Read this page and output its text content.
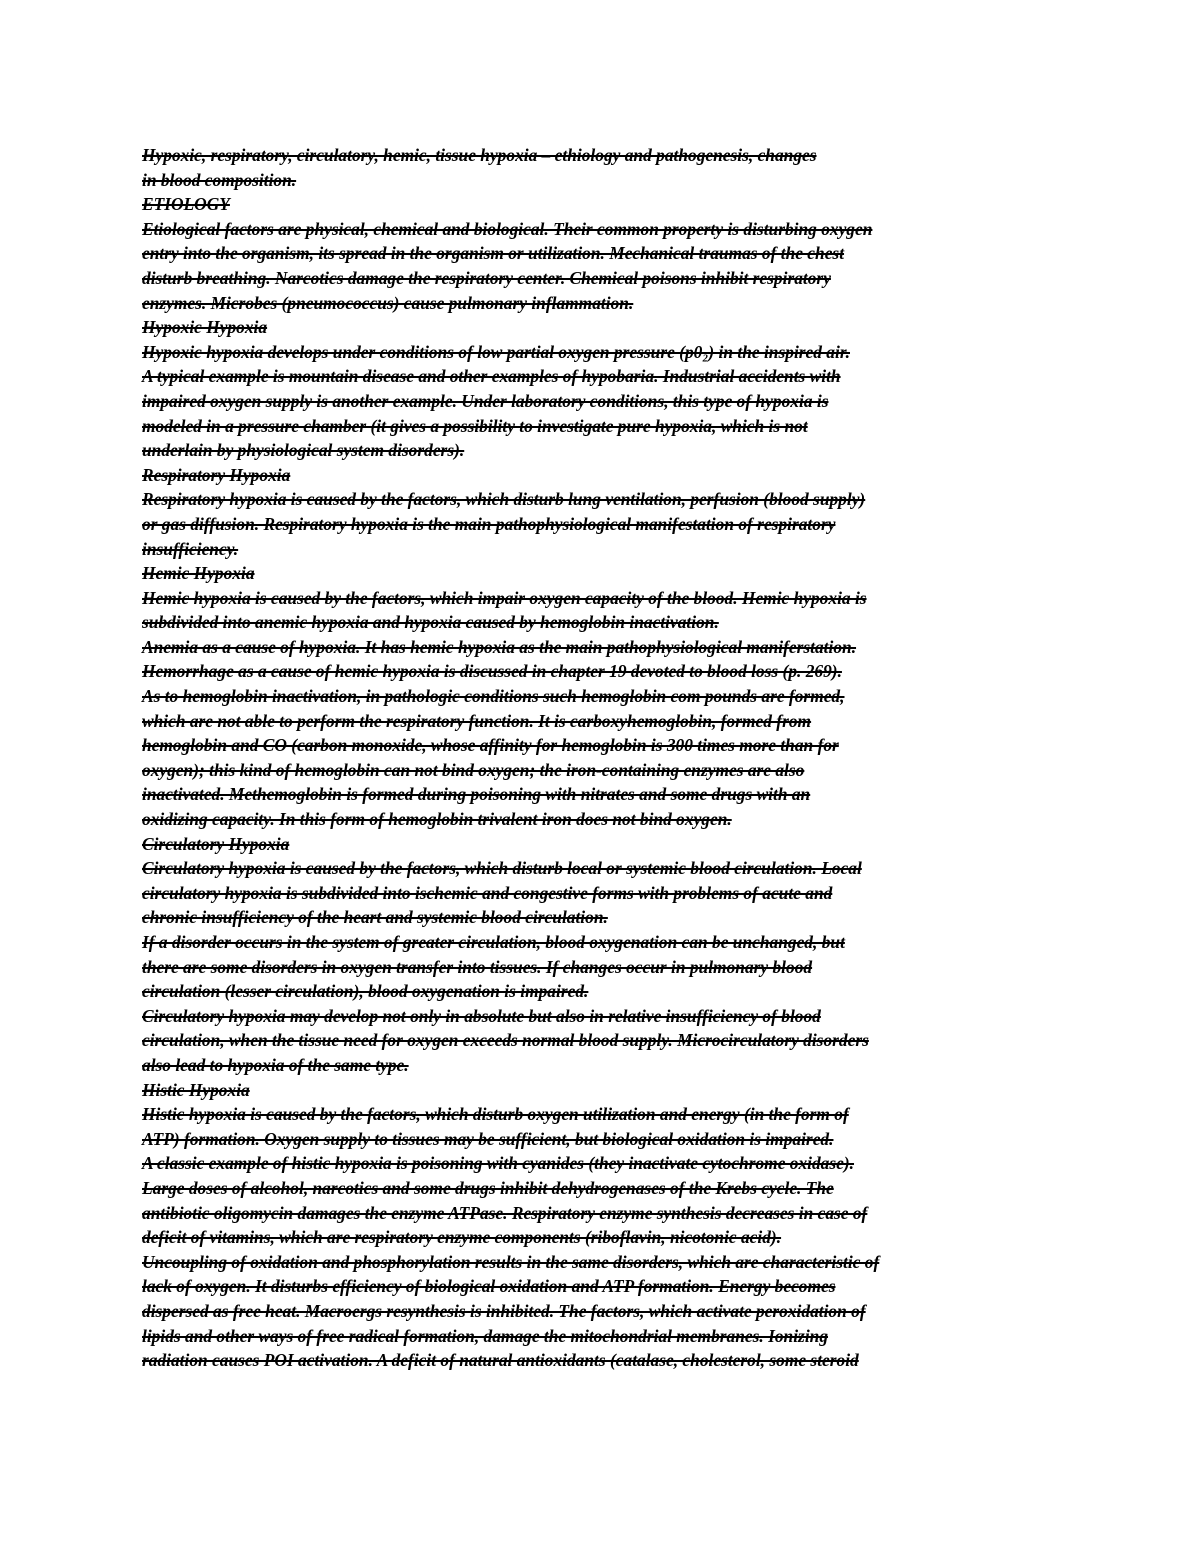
Hypoxic, respiratory, circulatory, hemic, tissue hypoxia – ethiology and pathogenesis, changes
in blood composition.
ETIOLOGY
Etiological factors are physical, chemical and biological. Their common property is disturbing oxygen
entry into the organism, its spread in the organism or utilization. Mechanical traumas of the chest
disturb breathing. Narcotics damage the respiratory center. Chemical poisons inhibit respiratory
enzymes. Microbes (pneumococcus) cause pulmonary inflammation.
Hypoxic Hypoxia
Hypoxic hypoxia develops under conditions of low partial oxygen pressure (p0₂) in the inspired air.
A typical example is mountain disease and other examples of hypobaria. Industrial accidents with
impaired oxygen supply is another example. Under laboratory conditions, this type of hypoxia is
modeled in a pressure chamber (it gives a possibility to investigate pure hypoxia, which is not
underlain by physiological system disorders).
Respiratory Hypoxia
Respiratory hypoxia is caused by the factors, which disturb lung ventilation, perfusion (blood supply)
or gas diffusion. Respiratory hypoxia is the main pathophysiological manifestation of respiratory
insufficiency.
Hemic Hypoxia
Hemic hypoxia is caused by the factors, which impair oxygen capacity of the blood. Hemic hypoxia is
subdivided into anemic hypoxia and hypoxia caused by hemoglobin inactivation.
Anemia as a cause of hypoxia. It has hemic hypoxia as the main pathophysiological maniferstation.
Hemorrhage as a cause of hemic hypoxia is discussed in chapter 19 devoted to blood loss (p. 269).
As to hemoglobin inactivation, in pathologic conditions such hemoglobin com pounds are formed,
which are not able to perform the respiratory function. It is carboxyhemoglobin, formed from
hemoglobin and CO (carbon monoxide, whose affinity for hemoglobin is 300 times more than for
oxygen); this kind of hemoglobin can not bind oxygen; the iron-containing enzymes are also
inactivated. Methemoglobin is formed during poisoning with nitrates and some drugs with an
oxidizing capacity. In this form of hemoglobin trivalent iron does not bind oxygen.
Circulatory Hypoxia
Circulatory hypoxia is caused by the factors, which disturb local or systemic blood circulation. Local
circulatory hypoxia is subdivided into ischemic and congestive forms with problems of acute and
chronic insufficiency of the heart and systemic blood circulation.
If a disorder occurs in the system of greater circulation, blood oxygenation can be unchanged, but
there are some disorders in oxygen transfer into tissues. If changes occur in pulmonary blood
circulation (lesser circulation), blood oxygenation is impaired.
Circulatory hypoxia may develop not only in absolute but also in relative insufficiency of blood
circulation, when the tissue need for oxygen exceeds normal blood supply. Microcirculatory disorders
also lead to hypoxia of the same type.
Histic Hypoxia
Histic hypoxia is caused by the factors, which disturb oxygen utilization and energy (in the form of
ATP) formation. Oxygen supply to tissues may be sufficient, but biological oxidation is impaired.
A classic example of histic hypoxia is poisoning with cyanides (they inactivate cytochrome oxidase).
Large doses of alcohol, narcotics and some drugs inhibit dehydrogenases of the Krebs cycle. The
antibiotic oligomycin damages the enzyme ATPase. Respiratory enzyme synthesis decreases in case of
deficit of vitamins, which are respiratory enzyme components (riboflavin, nicotonic acid).
Uncoupling of oxidation and phosphorylation results in the same disorders, which are characteristic of
lack of oxygen. It disturbs efficiency of biological oxidation and ATP formation. Energy becomes
dispersed as free heat. Macroergs resynthesis is inhibited. The factors, which activate peroxidation of
lipids and other ways of free radical formation, damage the mitochondrial membranes. Ionizing
radiation causes POI activation. A deficit of natural antioxidants (catalase, cholesterol, some steroid
